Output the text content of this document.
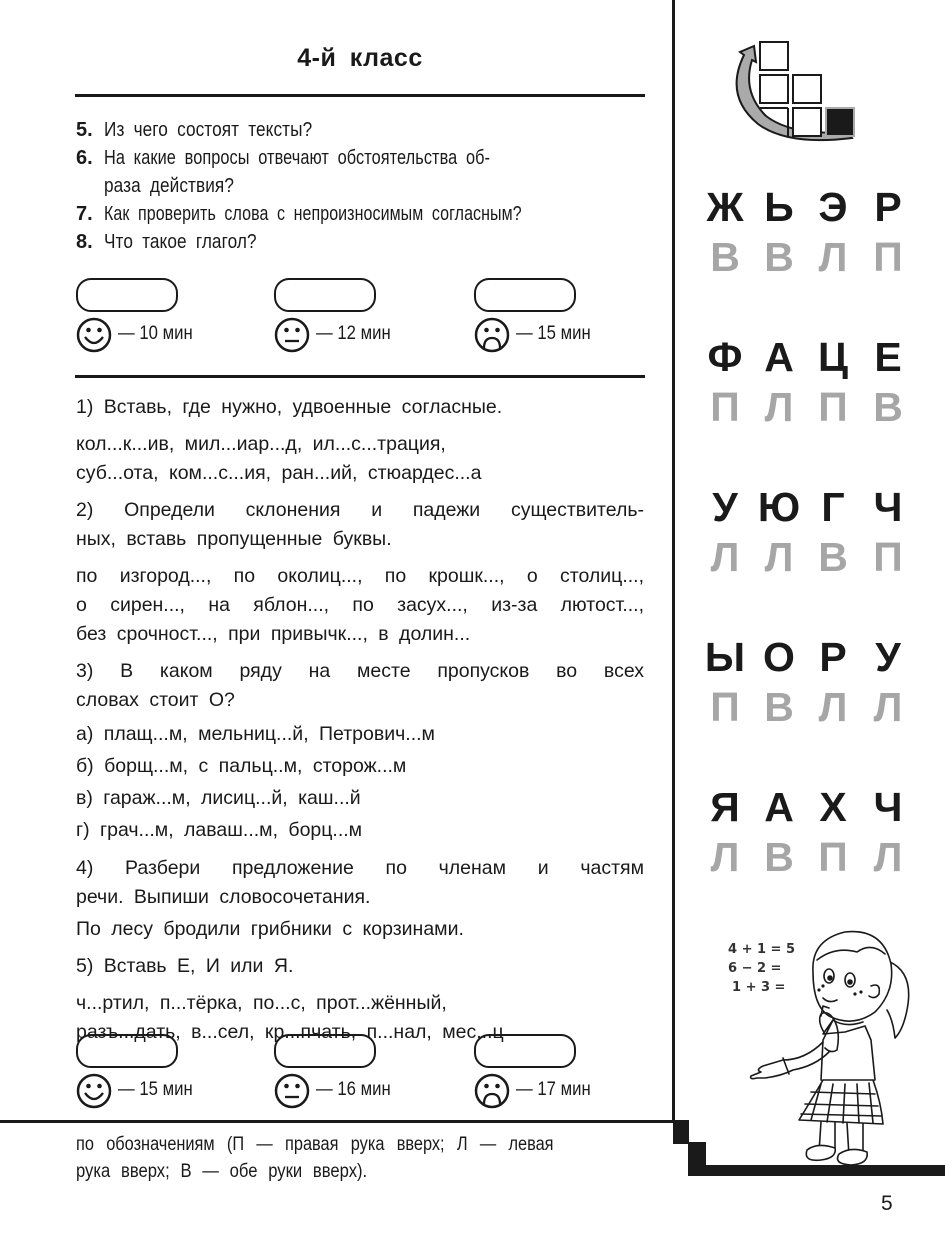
4-й класс
5. Из чего состоят тексты?
6. На какие вопросы отвечают обстоятельства об-
раза действия?
7. Как проверить слова с непроизносимым согласным?
8. Что такое глагол?
— 10 мин	— 12 мин	— 15 мин
1) Вставь, где нужно, удвоенные согласные.
кол...к...ив, мил...иар...д, ил...с...трация,
суб...ота, ком...с...ия, ран...ий, стюардес...а
2) Определи склонения и падежи существитель-
ных, вставь пропущенные буквы.
по изгород..., по околиц..., по крошк..., о столиц...,
о сирен..., на яблон..., по засух..., из-за лютост...,
без срочност..., при привычк..., в долин...
3) В каком ряду на месте пропусков во всех
словах стоит О?
а) плащ...м, мельниц...й, Петрович...м
б) борщ...м, с пальц..м, сторож...м
в) гараж...м, лисиц...й, каш...й
г) грач...м, лаваш...м, борц...м
4) Разбери предложение по членам и частям
речи. Выпиши словосочетания.
По лесу бродили грибники с корзинами.
5) Вставь Е, И или Я.
ч...ртил, п...тёрка, по...с, прот...жённый,
разъ...дать, в...сел, кр...пчать, п...нал, мес...ц
— 15 мин	— 16 мин	— 17 мин
по обозначениям (П — правая рука вверх; Л — левая
рука вверх; В — обе руки вверх).
Ж Ь Э Р
В В Л П
Ф А Ц Е
П Л П В
У Ю Г Ч
Л Л В П
Ы О Р У
П В Л Л
Я А Х Ч
Л В П Л
4 + 1 = 5
6 − 2 =
1 + 3 =
5
